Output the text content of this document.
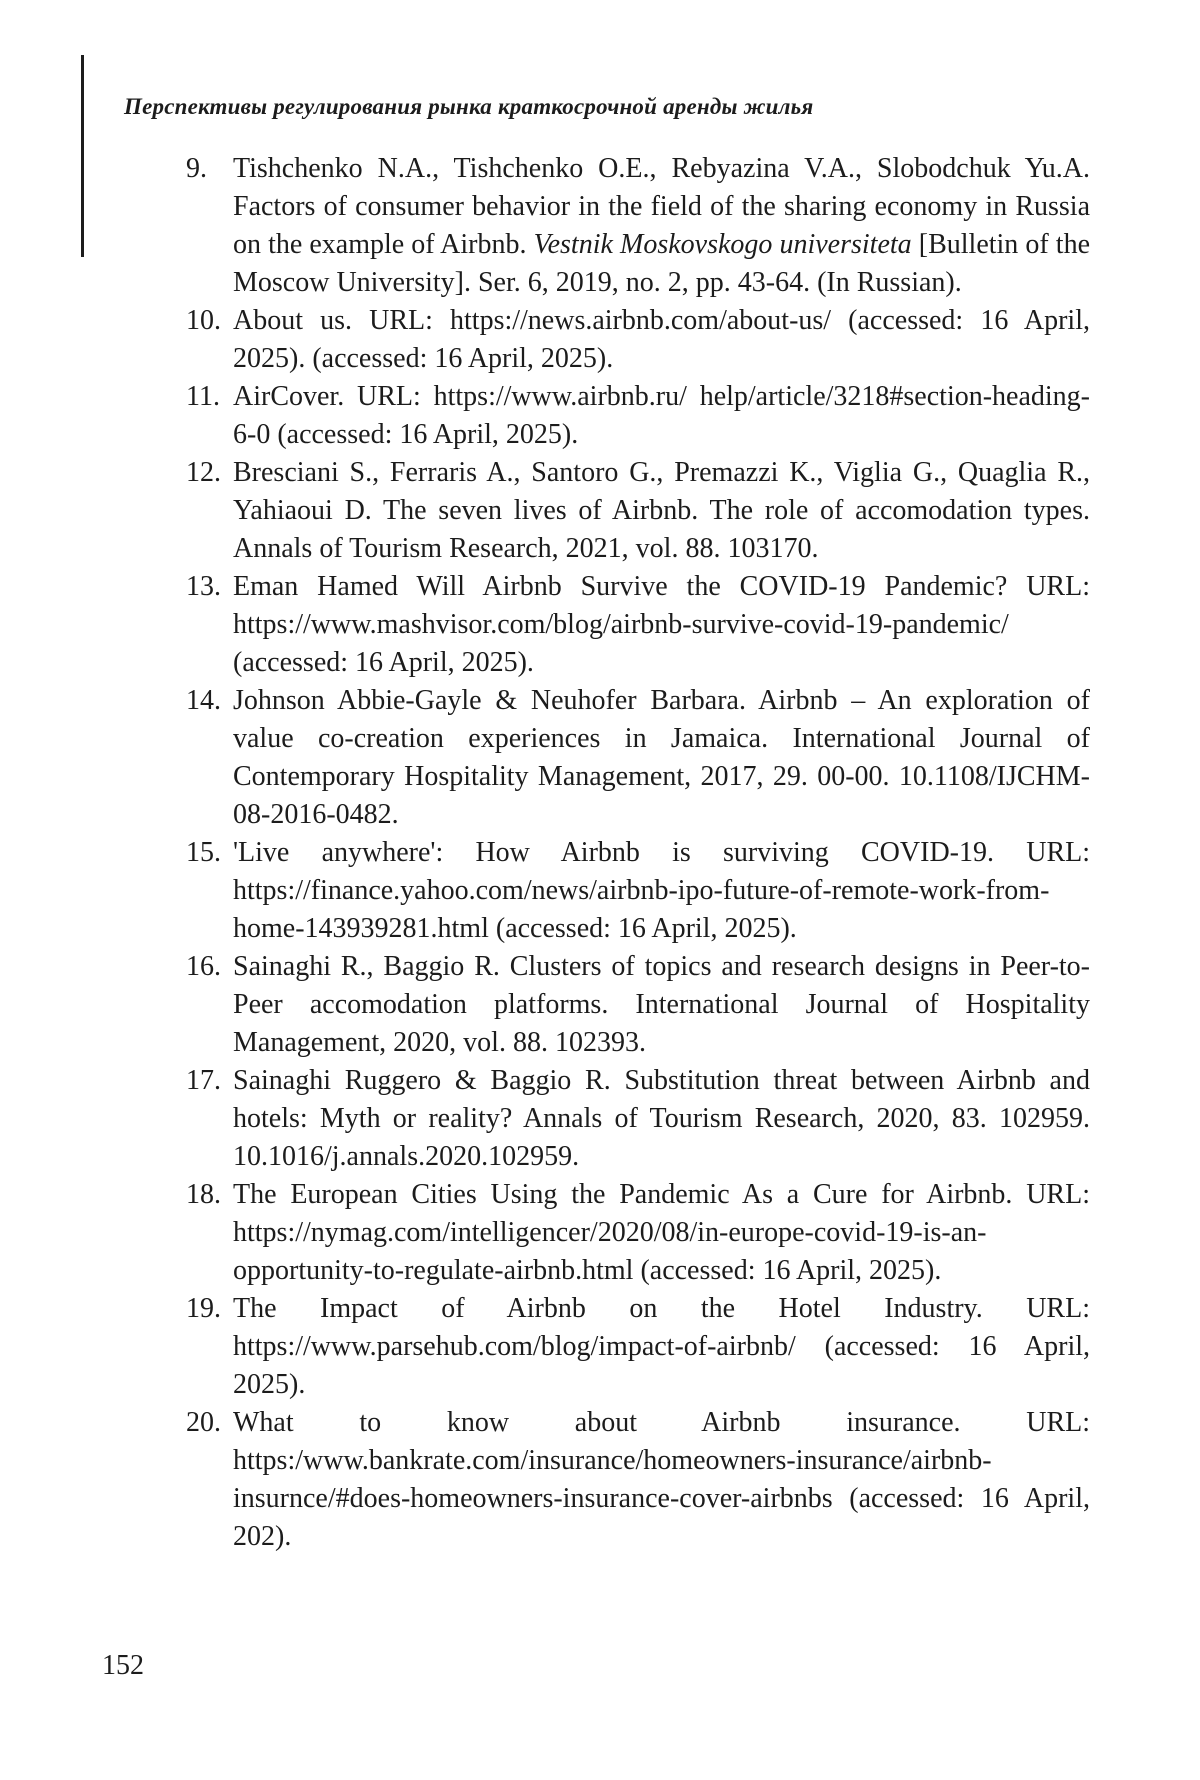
Перспективы регулирования рынка краткосрочной аренды жилья
9. Tishchenko N.A., Tishchenko O.E., Rebyazina V.A., Slobodchuk Yu.A. Factors of consumer behavior in the field of the sharing economy in Russia on the example of Airbnb. Vestnik Moskovskogo universiteta [Bulletin of the Moscow University]. Ser. 6, 2019, no. 2, pp. 43-64. (In Russian).
10. About us. URL: https://news.airbnb.com/about-us/ (accessed: 16 April, 2025). (accessed: 16 April, 2025).
11. AirCover. URL: https://www.airbnb.ru/ help/article/3218#section-heading-6-0 (accessed: 16 April, 2025).
12. Bresciani S., Ferraris A., Santoro G., Premazzi K., Viglia G., Quaglia R., Yahiaoui D. The seven lives of Airbnb. The role of accomodation types. Annals of Tourism Research, 2021, vol. 88. 103170.
13. Eman Hamed Will Airbnb Survive the COVID-19 Pandemic? URL: https://www.mashvisor.com/blog/airbnb-survive-covid-19-pandemic/ (accessed: 16 April, 2025).
14. Johnson Abbie-Gayle & Neuhofer Barbara. Airbnb – An exploration of value co-creation experiences in Jamaica. International Journal of Contemporary Hospitality Management, 2017, 29. 00-00. 10.1108/IJCHM-08-2016-0482.
15. 'Live anywhere': How Airbnb is surviving COVID-19. URL: https://finance.yahoo.com/news/airbnb-ipo-future-of-remote-work-from-home-143939281.html (accessed: 16 April, 2025).
16. Sainaghi R., Baggio R. Clusters of topics and research designs in Peer-to-Peer accomodation platforms. International Journal of Hospitality Management, 2020, vol. 88. 102393.
17. Sainaghi Ruggero & Baggio R. Substitution threat between Airbnb and hotels: Myth or reality? Annals of Tourism Research, 2020, 83. 102959. 10.1016/j.annals.2020.102959.
18. The European Cities Using the Pandemic As a Cure for Airbnb. URL: https://nymag.com/intelligencer/2020/08/in-europe-covid-19-is-an-opportunity-to-regulate-airbnb.html (accessed: 16 April, 2025).
19. The Impact of Airbnb on the Hotel Industry. URL: https://www.parsehub.com/blog/impact-of-airbnb/ (accessed: 16 April, 2025).
20. What to know about Airbnb insurance. URL: https:/www.bankrate.com/insurance/homeowners-insurance/airbnb-insurnce/#does-homeowners-insurance-cover-airbnbs (accessed: 16 April, 202).
152
